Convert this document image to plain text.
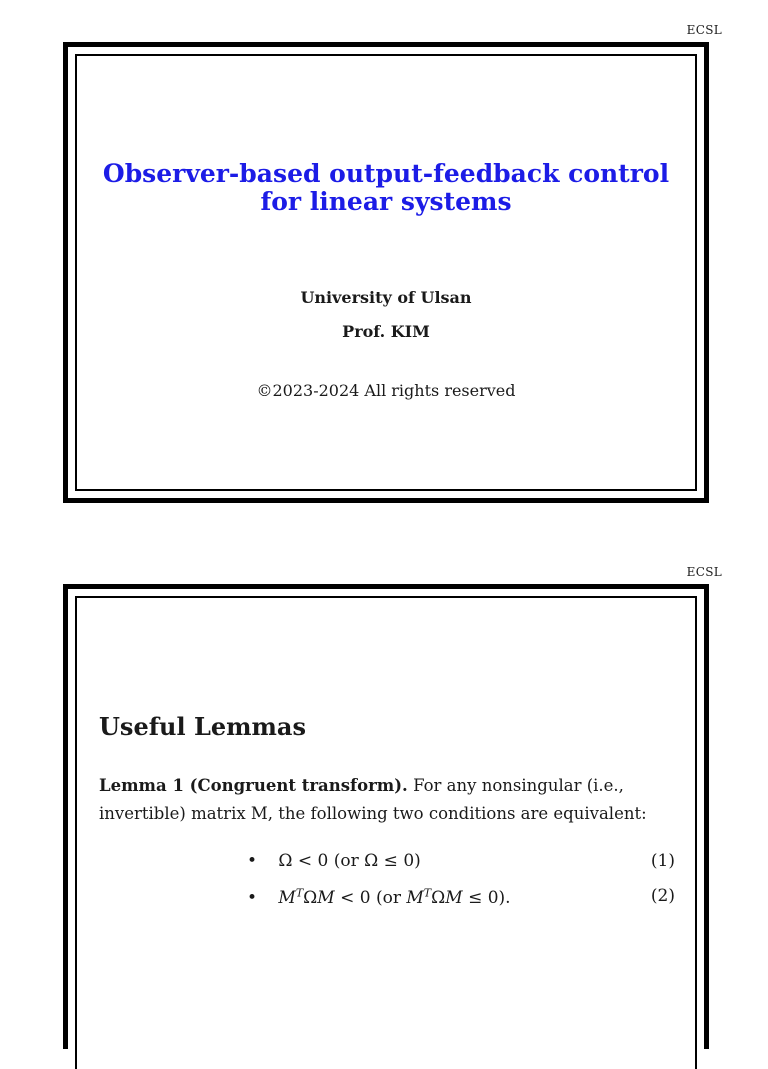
ECSL
Observer-based output-feedback control
for linear systems
University of Ulsan
Prof. KIM
©2023-2024 All rights reserved
ECSL
Useful Lemmas
Lemma 1 (Congruent transform). For any nonsingular (i.e., invertible) matrix M, the following two conditions are equivalent:
• Ω < 0 (or Ω ≤ 0)	(1)
• $M^T\Omega M < 0$ (or $M^T\Omega M \le 0$).	(2)
